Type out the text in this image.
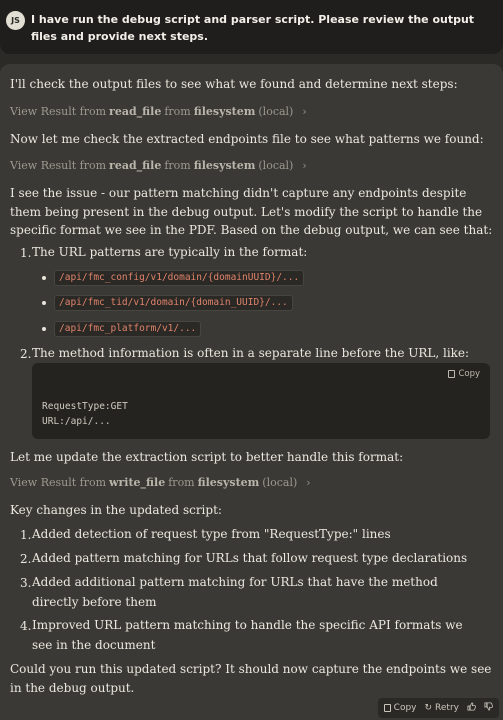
JS	I have run the debug script and parser script. Please review the output files and provide next steps.
I'll check the output files to see what we found and determine next steps:
View Result from read_file from filesystem (local) ›
Now let me check the extracted endpoints file to see what patterns we found:
View Result from read_file from filesystem (local) ›
I see the issue - our pattern matching didn't capture any endpoints despite them being present in the debug output. Let's modify the script to handle the specific format we see in the PDF. Based on the debug output, we can see that:
1. The URL patterns are typically in the format:
/api/fmc_config/v1/domain/{domainUUID}/...
/api/fmc_tid/v1/domain/{domain_UUID}/...
/api/fmc_platform/v1/...
2. The method information is often in a separate line before the URL, like:
Copy
RequestType:GET
URL:/api/...
Let me update the extraction script to better handle this format:
View Result from write_file from filesystem (local) ›
Key changes in the updated script:
1. Added detection of request type from "RequestType:" lines
2. Added pattern matching for URLs that follow request type declarations
3. Added additional pattern matching for URLs that have the method directly before them
4. Improved URL pattern matching to handle the specific API formats we see in the document
Could you run this updated script? It should now capture the endpoints we see in the debug output.
Copy ↻ Retry
